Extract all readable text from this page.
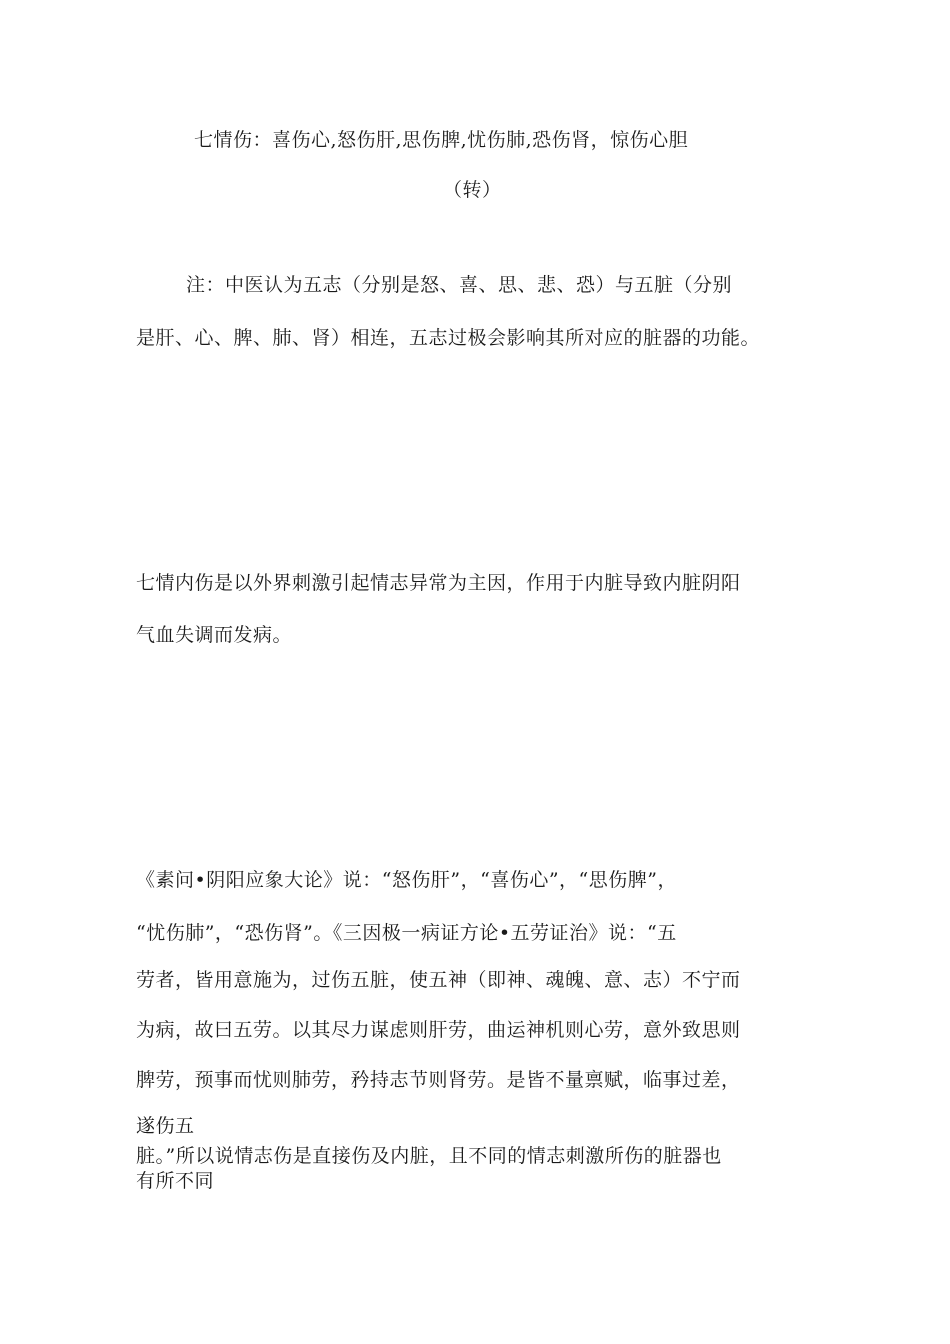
七情伤：喜伤心,怒伤肝,思伤脾,忧伤肺,恐伤肾，惊伤心胆
（转）
注：中医认为五志（分别是怒、喜、思、悲、恐）与五脏（分别
是肝、心、脾、肺、肾）相连，五志过极会影响其所对应的脏器的功能。
七情内伤是以外界刺激引起情志异常为主因，作用于内脏导致内脏阴阳
气血失调而发病。
《素问•阴阳应象大论》说：“怒伤肝”，“喜伤心”，“思伤脾”，
“忧伤肺”，“恐伤肾”。《三因极一病证方论•五劳证治》说：“五
劳者，皆用意施为，过伤五脏，使五神（即神、魂魄、意、志）不宁而
为病，故曰五劳。以其尽力谋虑则肝劳，曲运神机则心劳，意外致思则
脾劳，预事而忧则肺劳，矜持志节则肾劳。是皆不量禀赋，临事过差，
遂伤五
脏。”所以说情志伤是直接伤及内脏，且不同的情志刺激所伤的脏器也
有所不同
